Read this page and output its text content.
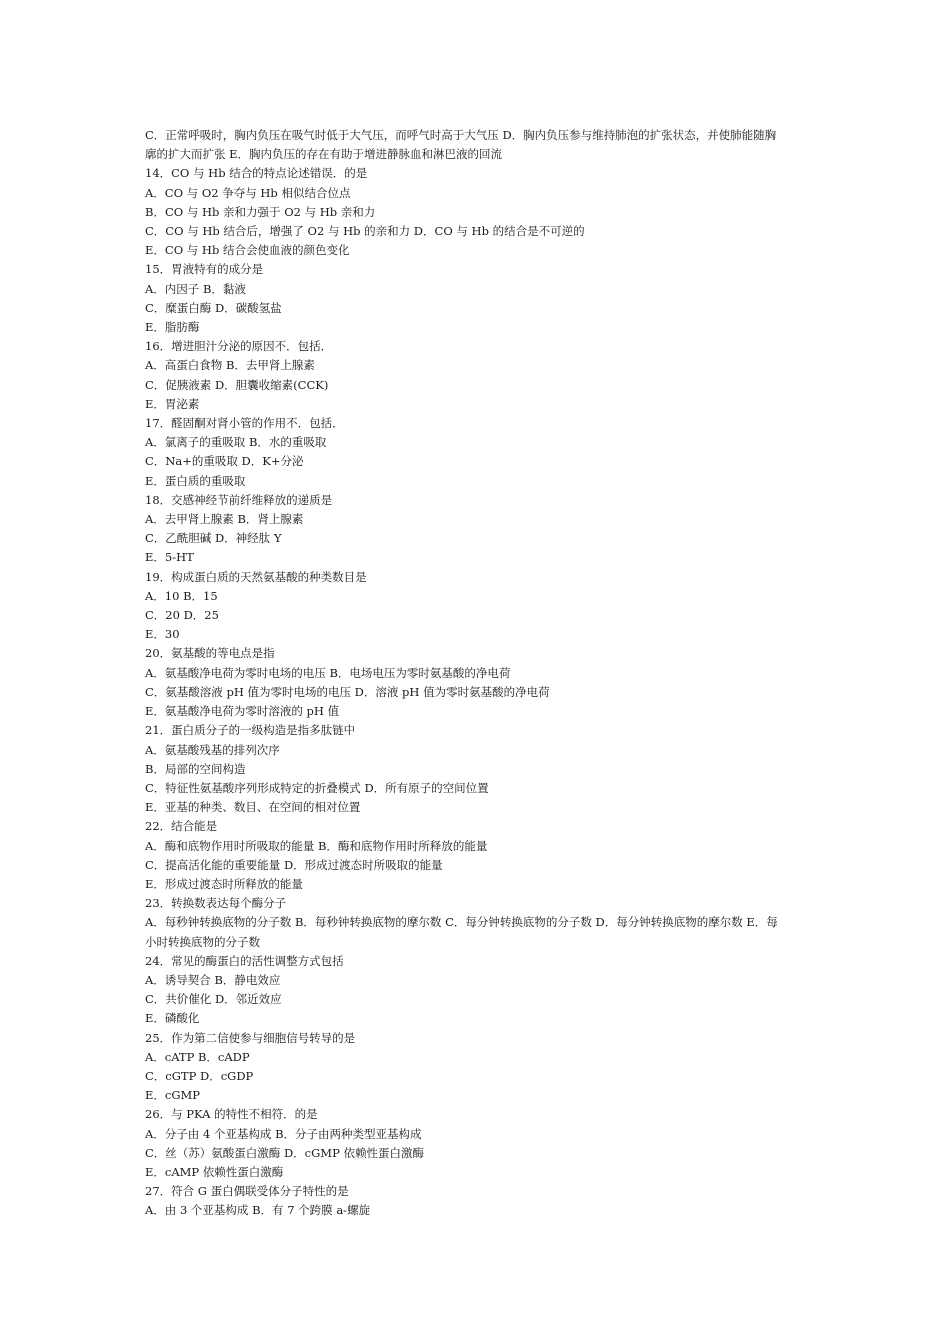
C．正常呼吸时，胸内负压在吸气时低于大气压，而呼气时高于大气压 D．胸内负压参与维持肺泡的扩张状态，并使肺能随胸
廓的扩大而扩张 E．胸内负压的存在有助于增进静脉血和淋巴液的回流
14．CO 与 Hb 结合的特点论述错误．的是
A．CO 与 O2 争夺与 Hb 相似结合位点
B．CO 与 Hb 亲和力强于 O2 与 Hb 亲和力
C．CO 与 Hb 结合后，增强了 O2 与 Hb 的亲和力 D．CO 与 Hb 的结合是不可逆的
E．CO 与 Hb 结合会使血液的颜色变化
15．胃液特有的成分是
A．内因子 B．黏液
C．糜蛋白酶 D．碳酸氢盐
E．脂肪酶
16．增进胆汁分泌的原因不．包括．
A．高蛋白食物 B．去甲肾上腺素
C．促胰液素 D．胆囊收缩素(CCK)
E．胃泌素
17．醛固酮对肾小管的作用不．包括．
A．氯离子的重吸取 B．水的重吸取
C．Na+的重吸取 D．K+分泌
E．蛋白质的重吸取
18．交感神经节前纤维释放的递质是
A．去甲肾上腺素 B．肾上腺素
C．乙酰胆碱 D．神经肽 Y
E．5-HT
19．构成蛋白质的天然氨基酸的种类数目是
A．10 B．15
C．20 D．25
E．30
20．氨基酸的等电点是指
A．氨基酸净电荷为零时电场的电压 B．电场电压为零时氨基酸的净电荷
C．氨基酸溶液 pH 值为零时电场的电压 D．溶液 pH 值为零时氨基酸的净电荷
E．氨基酸净电荷为零时溶液的 pH 值
21．蛋白质分子的一级构造是指多肽链中
A．氨基酸残基的排列次序
B．局部的空间构造
C．特征性氨基酸序列形成特定的折叠模式 D．所有原子的空间位置
E．亚基的种类、数目、在空间的相对位置
22．结合能是
A．酶和底物作用时所吸取的能量 B．酶和底物作用时所释放的能量
C．提高活化能的重要能量 D．形成过渡态时所吸取的能量
E．形成过渡态时所释放的能量
23．转换数表达每个酶分子
A．每秒钟转换底物的分子数 B．每秒钟转换底物的摩尔数 C．每分钟转换底物的分子数 D．每分钟转换底物的摩尔数 E．每
小时转换底物的分子数
24．常见的酶蛋白的活性调整方式包括
A．诱导契合 B．静电效应
C．共价催化 D．邻近效应
E．磷酸化
25．作为第二信使参与细胞信号转导的是
A．cATP B．cADP
C．cGTP D．cGDP
E．cGMP
26．与 PKA 的特性不相符．的是
A．分子由 4 个亚基构成 B．分子由两种类型亚基构成
C．丝（苏）氨酸蛋白激酶 D．cGMP 依赖性蛋白激酶
E．cAMP 依赖性蛋白激酶
27．符合 G 蛋白偶联受体分子特性的是
A．由 3 个亚基构成 B．有 7 个跨膜 a-螺旋
